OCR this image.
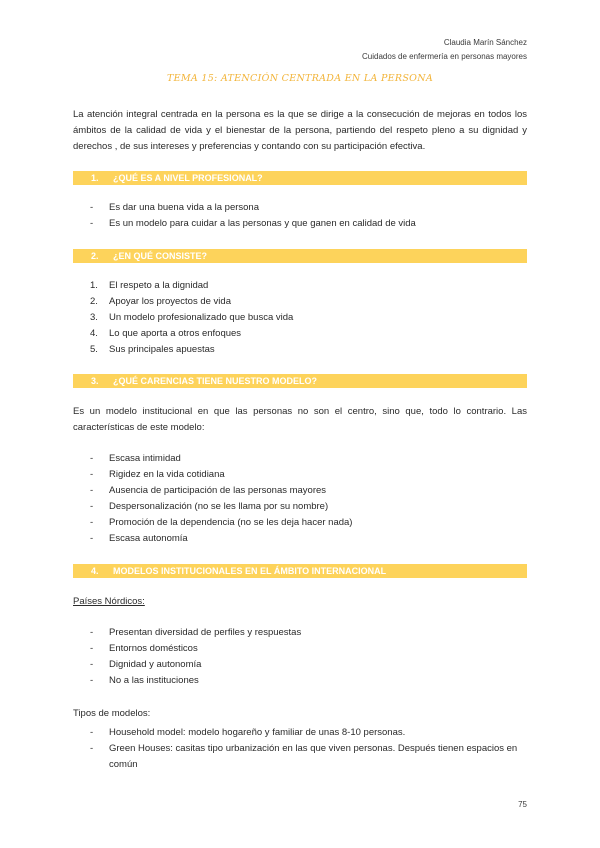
Claudia Marín Sánchez
Cuidados de enfermería en personas mayores
TEMA 15: ATENCIÓN CENTRADA EN LA PERSONA
La atención integral centrada en la persona es la que se dirige a la consecución de mejoras en todos los ámbitos de la calidad de vida y el bienestar de la persona, partiendo del respeto pleno a su dignidad y derechos , de sus intereses y preferencias y contando con su participación efectiva.
1. ¿QUÉ ES A NIVEL PROFESIONAL?
- Es dar una buena vida a la persona
- Es un modelo para cuidar a las personas y que ganen en calidad de vida
2. ¿EN QUÉ CONSISTE?
1. El respeto a la dignidad
2. Apoyar los proyectos de vida
3. Un modelo profesionalizado que busca vida
4. Lo que aporta a otros enfoques
5. Sus principales apuestas
3. ¿QUÉ CARENCIAS TIENE NUESTRO MODELO?
Es un modelo institucional en que las personas no son el centro, sino que, todo lo contrario. Las características de este modelo:
- Escasa intimidad
- Rigidez en la vida cotidiana
- Ausencia de participación de las personas mayores
- Despersonalización (no se les llama por su nombre)
- Promoción de la dependencia (no se les deja hacer nada)
- Escasa autonomía
4. MODELOS INSTITUCIONALES EN EL ÁMBITO INTERNACIONAL
Países Nórdicos:
- Presentan diversidad de perfiles y respuestas
- Entornos domésticos
- Dignidad y autonomía
- No a las instituciones
Tipos de modelos:
- Household model: modelo hogareño y familiar de unas 8-10 personas.
- Green Houses: casitas tipo urbanización en las que viven personas. Después tienen espacios en común
75
